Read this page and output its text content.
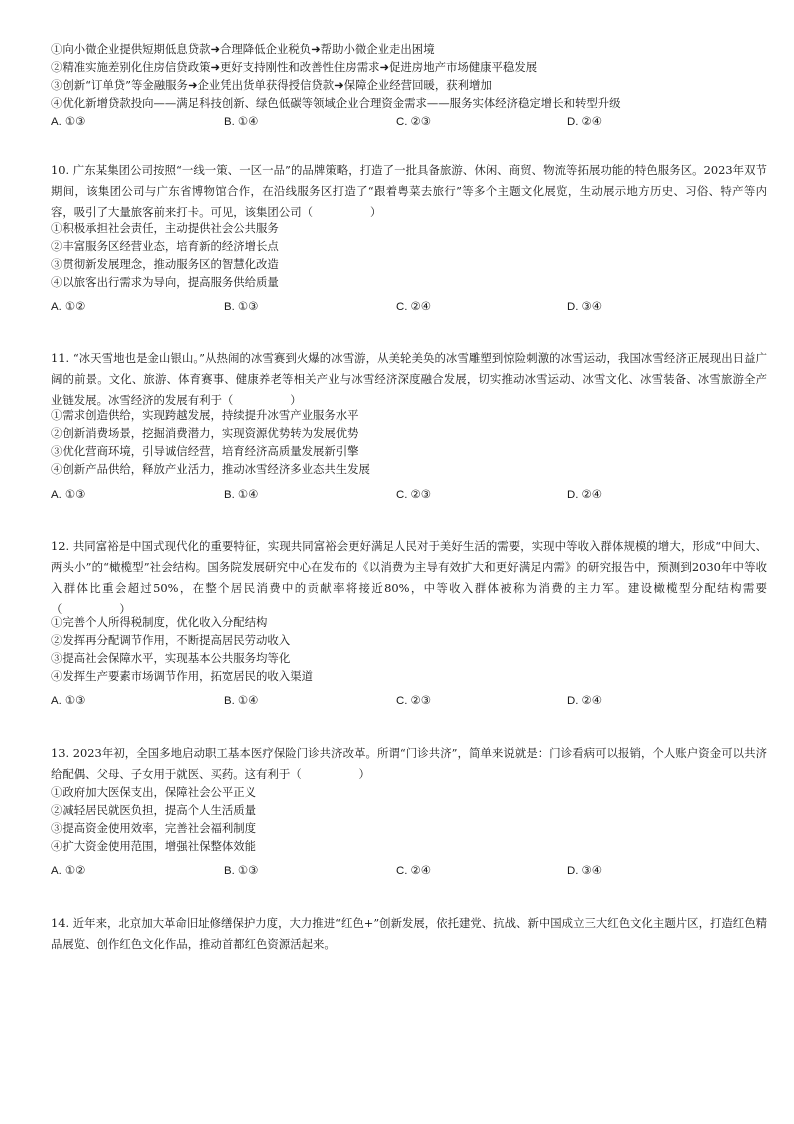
①向小微企业提供短期低息贷款➜合理降低企业税负➜帮助小微企业走出困境
②精准实施差别化住房信贷政策➜更好支持刚性和改善性住房需求➜促进房地产市场健康平稳发展
③创新“订单贷”等金融服务➜企业凭出货单获得授信贷款➜保障企业经营回暖，获利增加
④优化新增贷款投向——满足科技创新、绿色低碳等领域企业合理资金需求——服务实体经济稳定增长和转型升级
A. ①③	B. ①④	C. ②③	D. ②④
10. 广东某集团公司按照“一线一策、一区一品”的品牌策略，打造了一批具备旅游、休闲、商贸、物流等拓展功能的特色服务区。2023年双节期间，该集团公司与广东省博物馆合作，在沿线服务区打造了“跟着粤菜去旅行”等多个主题文化展览，生动展示地方历史、习俗、特产等内容，吸引了大量旅客前来打卡。可见，该集团公司（　　　　　）
①积极承担社会责任，主动提供社会公共服务
②丰富服务区经营业态，培育新的经济增长点
③贯彻新发展理念，推动服务区的智慧化改造
④以旅客出行需求为导向，提高服务供给质量
A. ①②	B. ①③	C. ②④	D. ③④
11. “冰天雪地也是金山银山。”从热闹的冰雪赛到火爆的冰雪游，从美轮美奂的冰雪雕塑到惊险刺激的冰雪运动，我国冰雪经济正展现出日益广阔的前景。文化、旅游、体育赛事、健康养老等相关产业与冰雪经济深度融合发展，切实推动冰雪运动、冰雪文化、冰雪装备、冰雪旅游全产业链发展。冰雪经济的发展有利于（　　　　　）
①需求创造供给，实现跨越发展，持续提升冰雪产业服务水平
②创新消费场景，挖掘消费潜力，实现资源优势转为发展优势
③优化营商环境，引导诚信经营，培育经济高质量发展新引擎
④创新产品供给，释放产业活力，推动冰雪经济多业态共生发展
A. ①③	B. ①④	C. ②③	D. ②④
12. 共同富裕是中国式现代化的重要特征，实现共同富裕会更好满足人民对于美好生活的需要，实现中等收入群体规模的增大，形成“中间大、两头小”的“橄榄型”社会结构。国务院发展研究中心在发布的《以消费为主导有效扩大和更好满足内需》的研究报告中，预测到2030年中等收入群体比重会超过50%，在整个居民消费中的贡献率将接近80%，中等收入群体被称为消费的主力军。建设橄榄型分配结构需要（　　　　　）
①完善个人所得税制度，优化收入分配结构
②发挥再分配调节作用，不断提高居民劳动收入
③提高社会保障水平，实现基本公共服务均等化
④发挥生产要素市场调节作用，拓宽居民的收入渠道
A. ①③	B. ①④	C. ②③	D. ②④
13. 2023年初，全国多地启动职工基本医疗保险门诊共济改革。所谓“门诊共济”，简单来说就是：门诊看病可以报销，个人账户资金可以共济给配偶、父母、子女用于就医、买药。这有利于（　　　　　）
①政府加大医保支出，保障社会公平正义
②减轻居民就医负担，提高个人生活质量
③提高资金使用效率，完善社会福利制度
④扩大资金使用范围，增强社保整体效能
A. ①②	B. ①③	C. ②④	D. ③④
14. 近年来，北京加大革命旧址修缮保护力度，大力推进“红色+”创新发展，依托建党、抗战、新中国成立三大红色文化主题片区，打造红色精品展览、创作红色文化作品，推动首都红色资源活起来。
